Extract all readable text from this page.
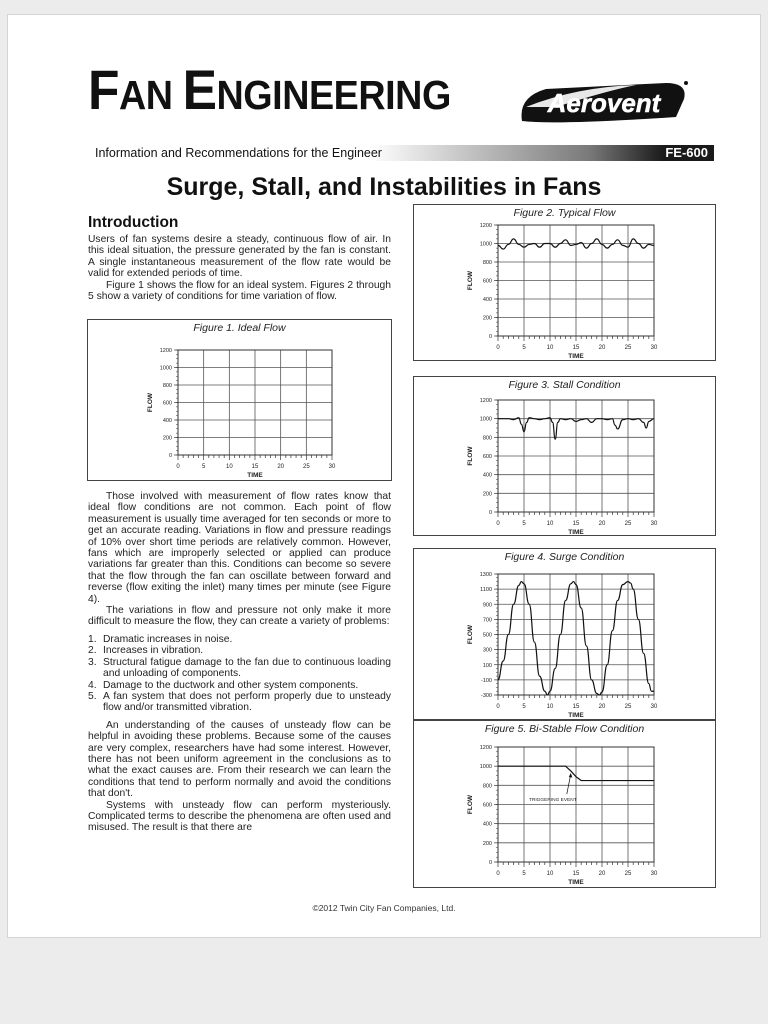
FAN ENGINEERING	Aerovent
Information and Recommendations for the Engineer	FE-600
Surge, Stall, and Instabilities in Fans
Introduction

Users of fan systems desire a steady, continuous flow of air. In this ideal situation, the pressure generated by the fan is constant. A single instantaneous measurement of the flow rate would be valid for extended periods of time.

Figure 1 shows the flow for an ideal system. Figures 2 through 5 show a variety of conditions for time variation of flow.

Those involved with measurement of flow rates know that ideal flow conditions are not common. Each point of flow measurement is usually time averaged for ten seconds or more to get an accurate reading. Variations in flow and pressure readings of 10% over short time periods are relatively common. However, fans which are improperly selected or applied can produce variations far greater than this. Conditions can become so severe that the flow through the fan can oscillate between forward and reverse (flow exiting the inlet) many times per minute (see Figure 4).

The variations in flow and pressure not only make it more difficult to measure the flow, they can create a variety of problems:

1. Dramatic increases in noise.
2. Increases in vibration.
3. Structural fatigue damage to the fan due to continuous loading and unloading of components.
4. Damage to the ductwork and other system components.
5. A fan system that does not perform properly due to unsteady flow and/or transmitted vibration.

An understanding of the causes of unsteady flow can be helpful in avoiding these problems. Because some of the causes are very complex, researchers have had some interest. However, there has not been uniform agreement in the conclusions as to what the exact causes are. From their research we can learn the conditions that tend to perform normally and avoid the conditions that don't.

Systems with unsteady flow can perform mysteriously. Complicated terms to describe the phenomena are often used and misused. The result is that there are

Figure 1. Ideal Flow
0	5	10	15	20	25	30
0
200
400
600
800
1000
1200
TIME
FLOW
Figure 2. Typical Flow
0	5	10	15	20	25	30
0
200
400
600
800
1000
1200
TIME
FLOW
Figure 3. Stall Condition
0	5	10	15	20	25	30
0
200
400
600
800
1000
1200
TIME
FLOW
Figure 4. Surge Condition
0	5	10	15	20	25	30
-300
-100
100
300
500
700
900
1100
1300
TIME
FLOW
Figure 5. Bi-Stable Flow Condition
0	5	10	15	20	25	30
0
200
400
600
800
1000
1200
TIME
FLOW	TRIGGERING EVENT
©2012 Twin City Fan Companies, Ltd.
